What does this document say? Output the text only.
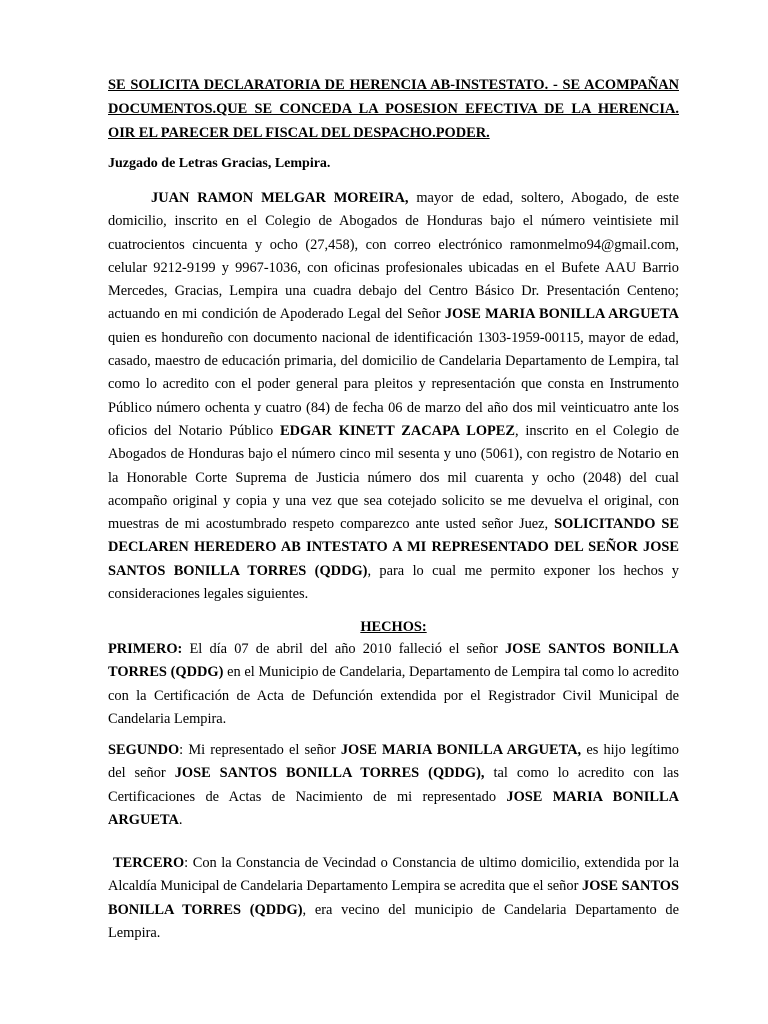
SE SOLICITA DECLARATORIA DE HERENCIA AB-INSTESTATO. - SE ACOMPAÑAN DOCUMENTOS.QUE SE CONCEDA LA POSESION EFECTIVA DE LA HERENCIA. OIR EL PARECER DEL FISCAL DEL DESPACHO.PODER.

Juzgado de Letras Gracias, Lempira.

JUAN RAMON MELGAR MOREIRA, mayor de edad, soltero, Abogado, de este domicilio, inscrito en el Colegio de Abogados de Honduras bajo el número veintisiete mil cuatrocientos cincuenta y ocho (27,458), con correo electrónico ramonmelmo94@gmail.com, celular 9212-9199 y 9967-1036, con oficinas profesionales ubicadas en el Bufete AAU Barrio Mercedes, Gracias, Lempira una cuadra debajo del Centro Básico Dr. Presentación Centeno; actuando en mi condición de Apoderado Legal del Señor JOSE MARIA BONILLA ARGUETA quien es hondureño con documento nacional de identificación 1303-1959-00115, mayor de edad, casado, maestro de educación primaria, del domicilio de Candelaria Departamento de Lempira, tal como lo acredito con el poder general para pleitos y representación que consta en Instrumento Público número ochenta y cuatro (84) de fecha 06 de marzo del año dos mil veinticuatro ante los oficios del Notario Público EDGAR KINETT ZACAPA LOPEZ, inscrito en el Colegio de Abogados de Honduras bajo el número cinco mil sesenta y uno (5061), con registro de Notario en la Honorable Corte Suprema de Justicia número dos mil cuarenta y ocho (2048) del cual acompaño original y copia y una vez que sea cotejado solicito se me devuelva el original, con muestras de mi acostumbrado respeto comparezco ante usted señor Juez, SOLICITANDO SE DECLAREN HEREDERO AB INTESTATO A MI REPRESENTADO DEL SEÑOR JOSE SANTOS BONILLA TORRES (QDDG), para lo cual me permito exponer los hechos y consideraciones legales siguientes.

HECHOS:

PRIMERO: El día 07 de abril del año 2010 falleció el señor JOSE SANTOS BONILLA TORRES (QDDG) en el Municipio de Candelaria, Departamento de Lempira tal como lo acredito con la Certificación de Acta de Defunción extendida por el Registrador Civil Municipal de Candelaria Lempira.

SEGUNDO: Mi representado el señor JOSE MARIA BONILLA ARGUETA, es hijo legítimo del señor JOSE SANTOS BONILLA TORRES (QDDG), tal como lo acredito con las Certificaciones de Actas de Nacimiento de mi representado JOSE MARIA BONILLA ARGUETA.

TERCERO: Con la Constancia de Vecindad o Constancia de ultimo domicilio, extendida por la Alcaldía Municipal de Candelaria Departamento Lempira se acredita que el señor JOSE SANTOS BONILLA TORRES (QDDG), era vecino del municipio de Candelaria Departamento de Lempira.
